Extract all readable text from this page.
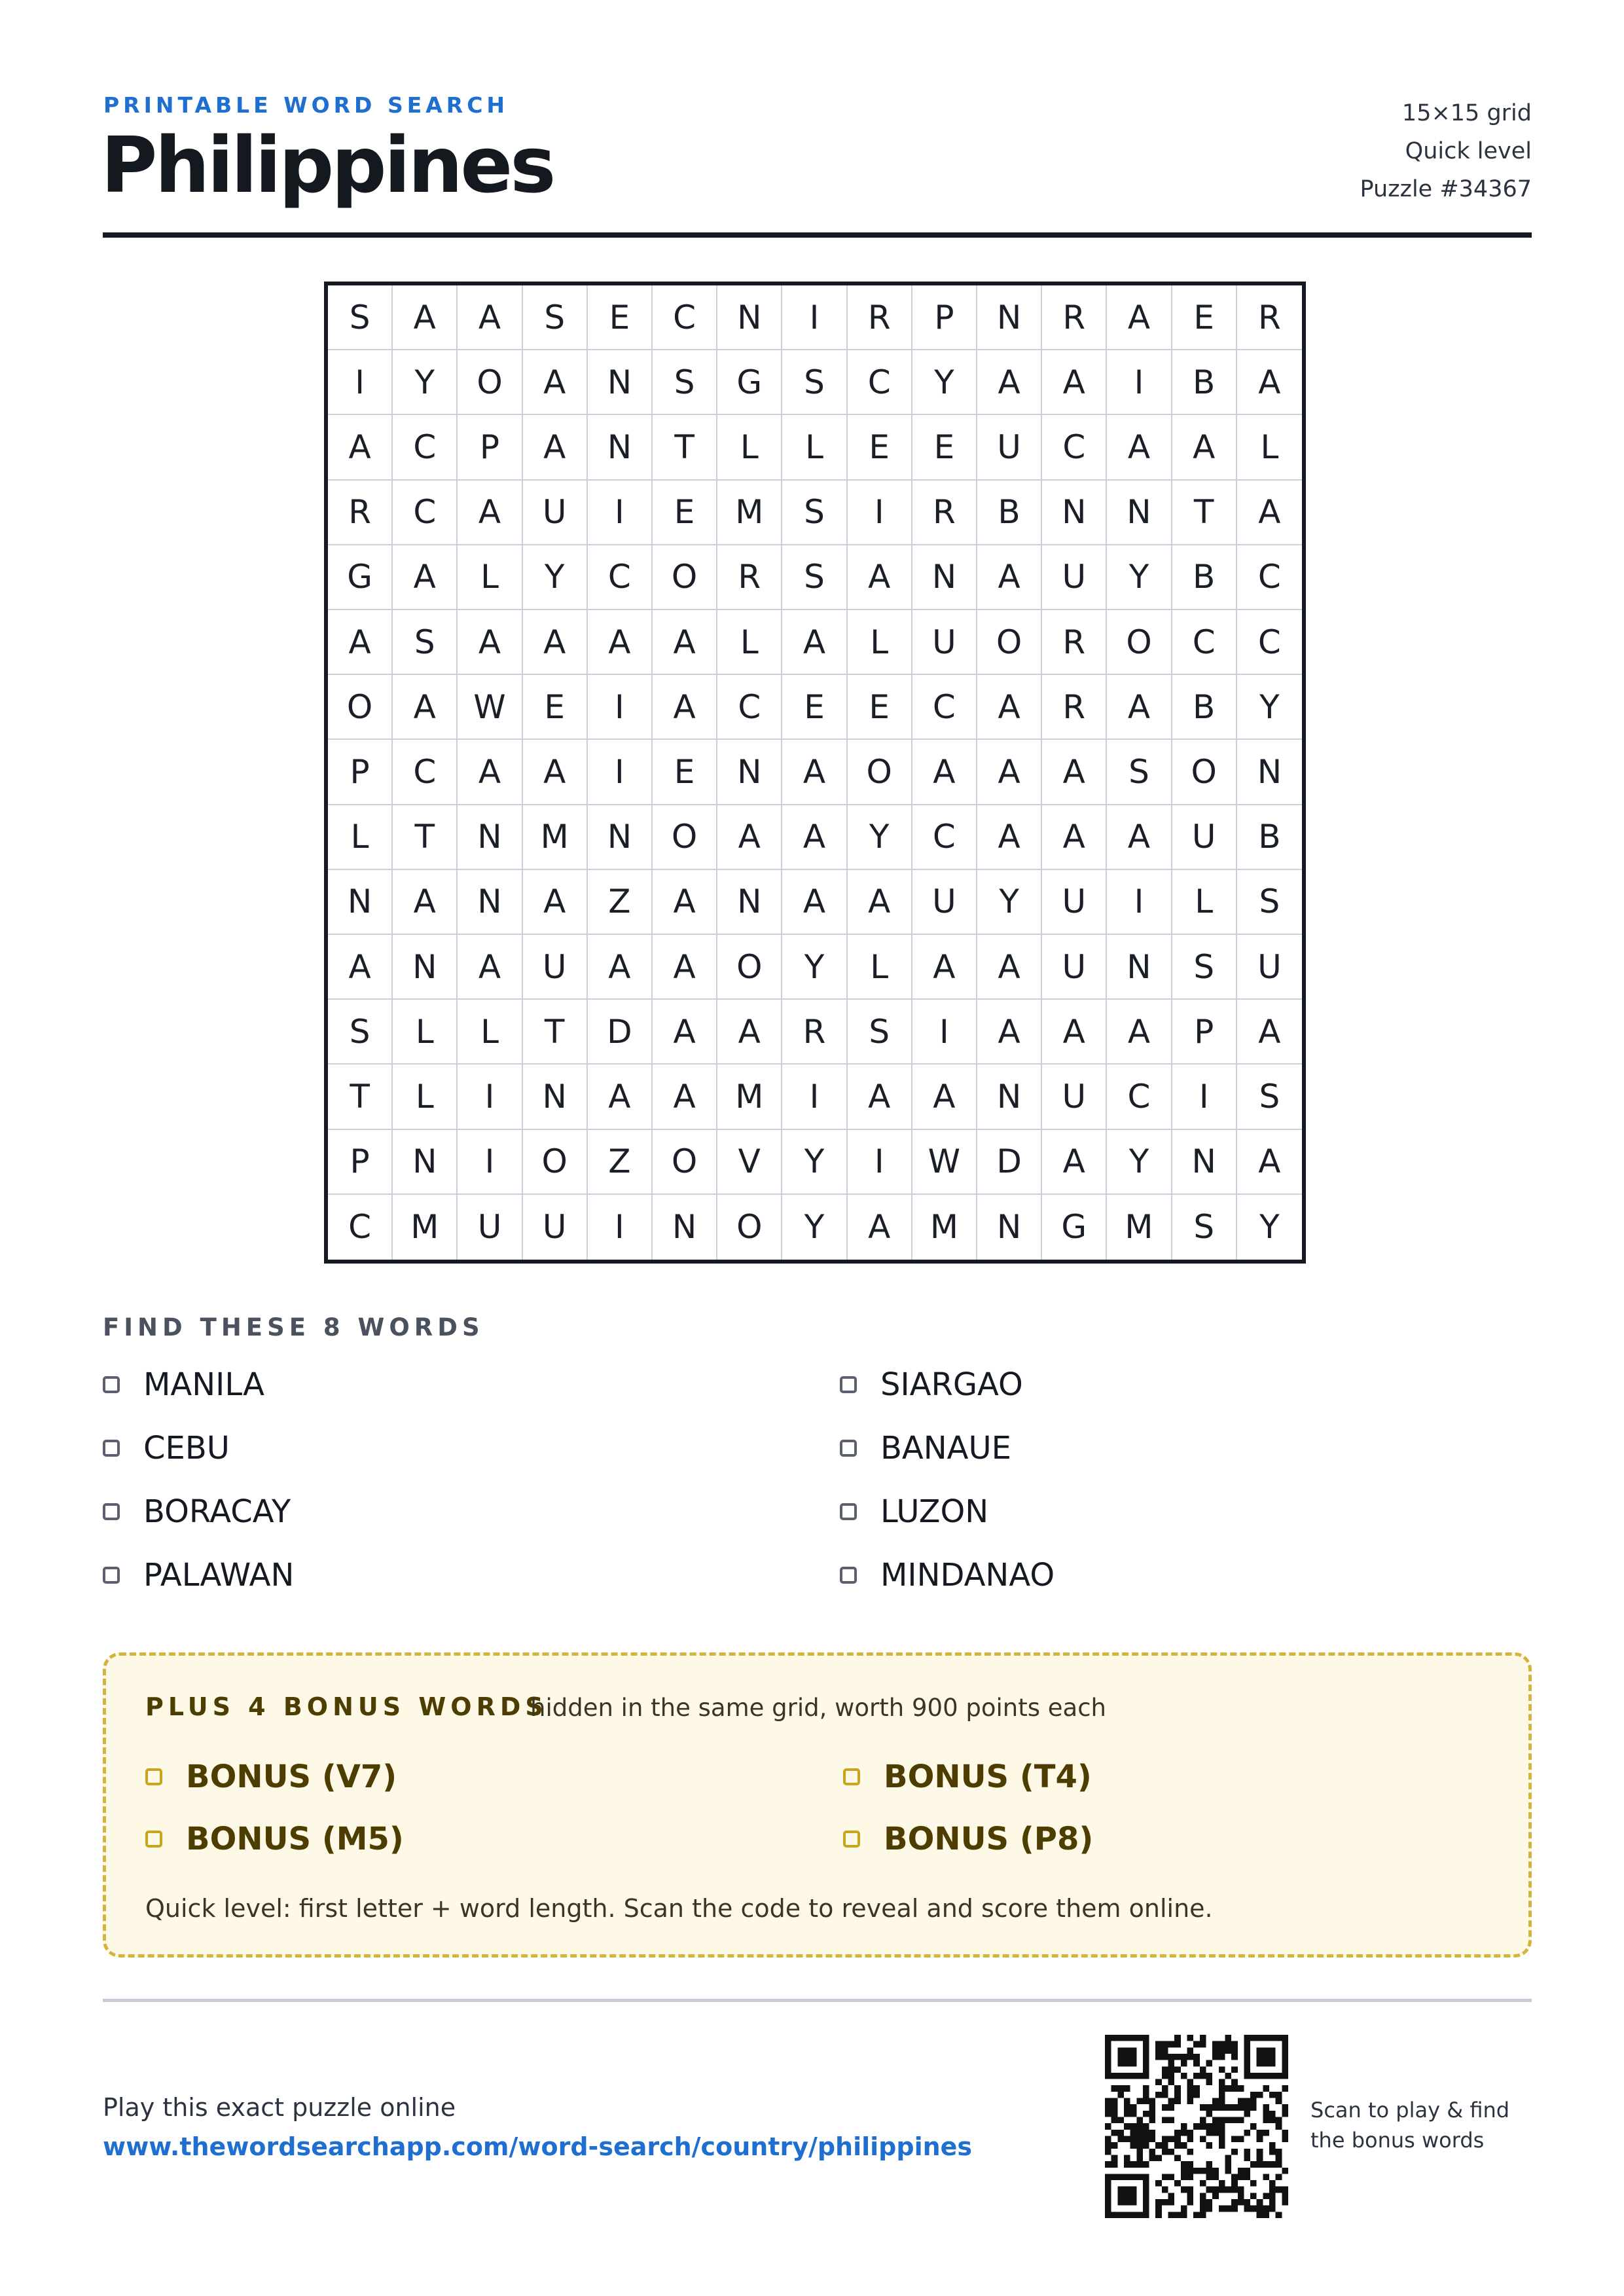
PRINTABLE WORD SEARCH
Philippines
15×15 grid
Quick level
Puzzle #34367
S	A	A	S	E	C	N	I	R	P	N	R	A	E	R
I	Y	O	A	N	S	G	S	C	Y	A	A	I	B	A
A	C	P	A	N	T	L	L	E	E	U	C	A	A	L
R	C	A	U	I	E	M	S	I	R	B	N	N	T	A
G	A	L	Y	C	O	R	S	A	N	A	U	Y	B	C
A	S	A	A	A	A	L	A	L	U	O	R	O	C	C
O	A	W	E	I	A	C	E	E	C	A	R	A	B	Y
P	C	A	A	I	E	N	A	O	A	A	A	S	O	N
L	T	N	M	N	O	A	A	Y	C	A	A	A	U	B
N	A	N	A	Z	A	N	A	A	U	Y	U	I	L	S
A	N	A	U	A	A	O	Y	L	A	A	U	N	S	U
S	L	L	T	D	A	A	R	S	I	A	A	A	P	A
T	L	I	N	A	A	M	I	A	A	N	U	C	I	S
P	N	I	O	Z	O	V	Y	I	W	D	A	Y	N	A
C	M	U	U	I	N	O	Y	A	M	N	G	M	S	Y
FIND THESE 8 WORDS
MANILA	SIARGAO
CEBU	BANAUE
BORACAY	LUZON
PALAWAN	MINDANAO
PLUS 4 BONUS WORDS
hidden in the same grid, worth 900 points each
BONUS (V7)	BONUS (T4)
BONUS (M5)	BONUS (P8)
Quick level: first letter + word length. Scan the code to reveal and score them online.
Play this exact puzzle online
www.thewordsearchapp.com/word-search/country/philippines
Scan to play & find
the bonus words
